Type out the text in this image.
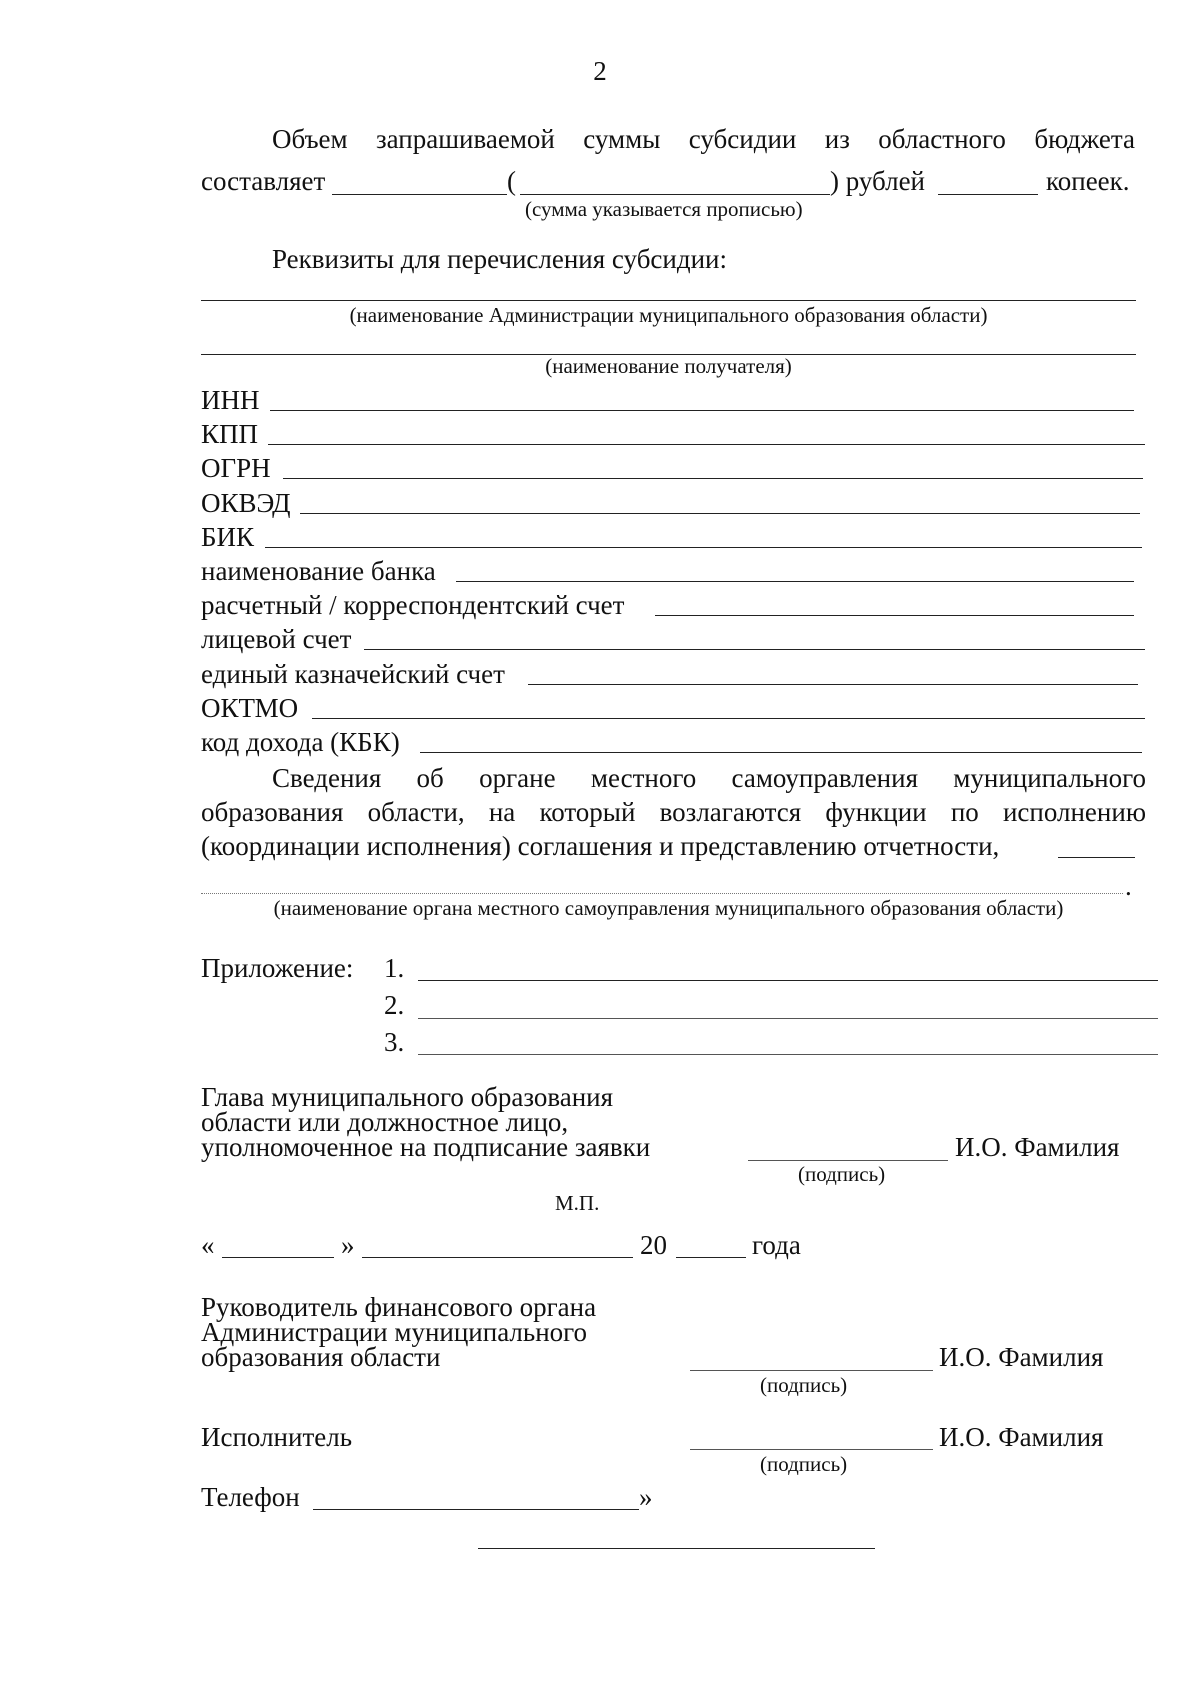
2
Объем запрашиваемой суммы субсидии из областного бюджета
составляет	(	) рублей	копеек.
(сумма указывается прописью)
Реквизиты для перечисления субсидии:
(наименование Администрации муниципального образования области)
(наименование получателя)
ИНН
КПП
ОГРН
ОКВЭД
БИК
наименование банка
расчетный / корреспондентский счет
лицевой счет
единый казначейский счет
ОКТМО
код дохода (КБК)
Сведения об органе местного самоуправления муниципального
образования области, на который возлагаются функции по исполнению
(координации исполнения) соглашения и представлению отчетности,
.
(наименование органа местного самоуправления муниципального образования области)
Приложение: 1.
2.
3.
Глава муниципального образования
области или должностное лицо,
уполномоченное на подписание заявки	И.О. Фамилия
(подпись)
М.П.
«	»	20	года
Руководитель финансового органа
Администрации муниципального
образования области	И.О. Фамилия
(подпись)
Исполнитель	И.О. Фамилия
(подпись)
Телефон	»
